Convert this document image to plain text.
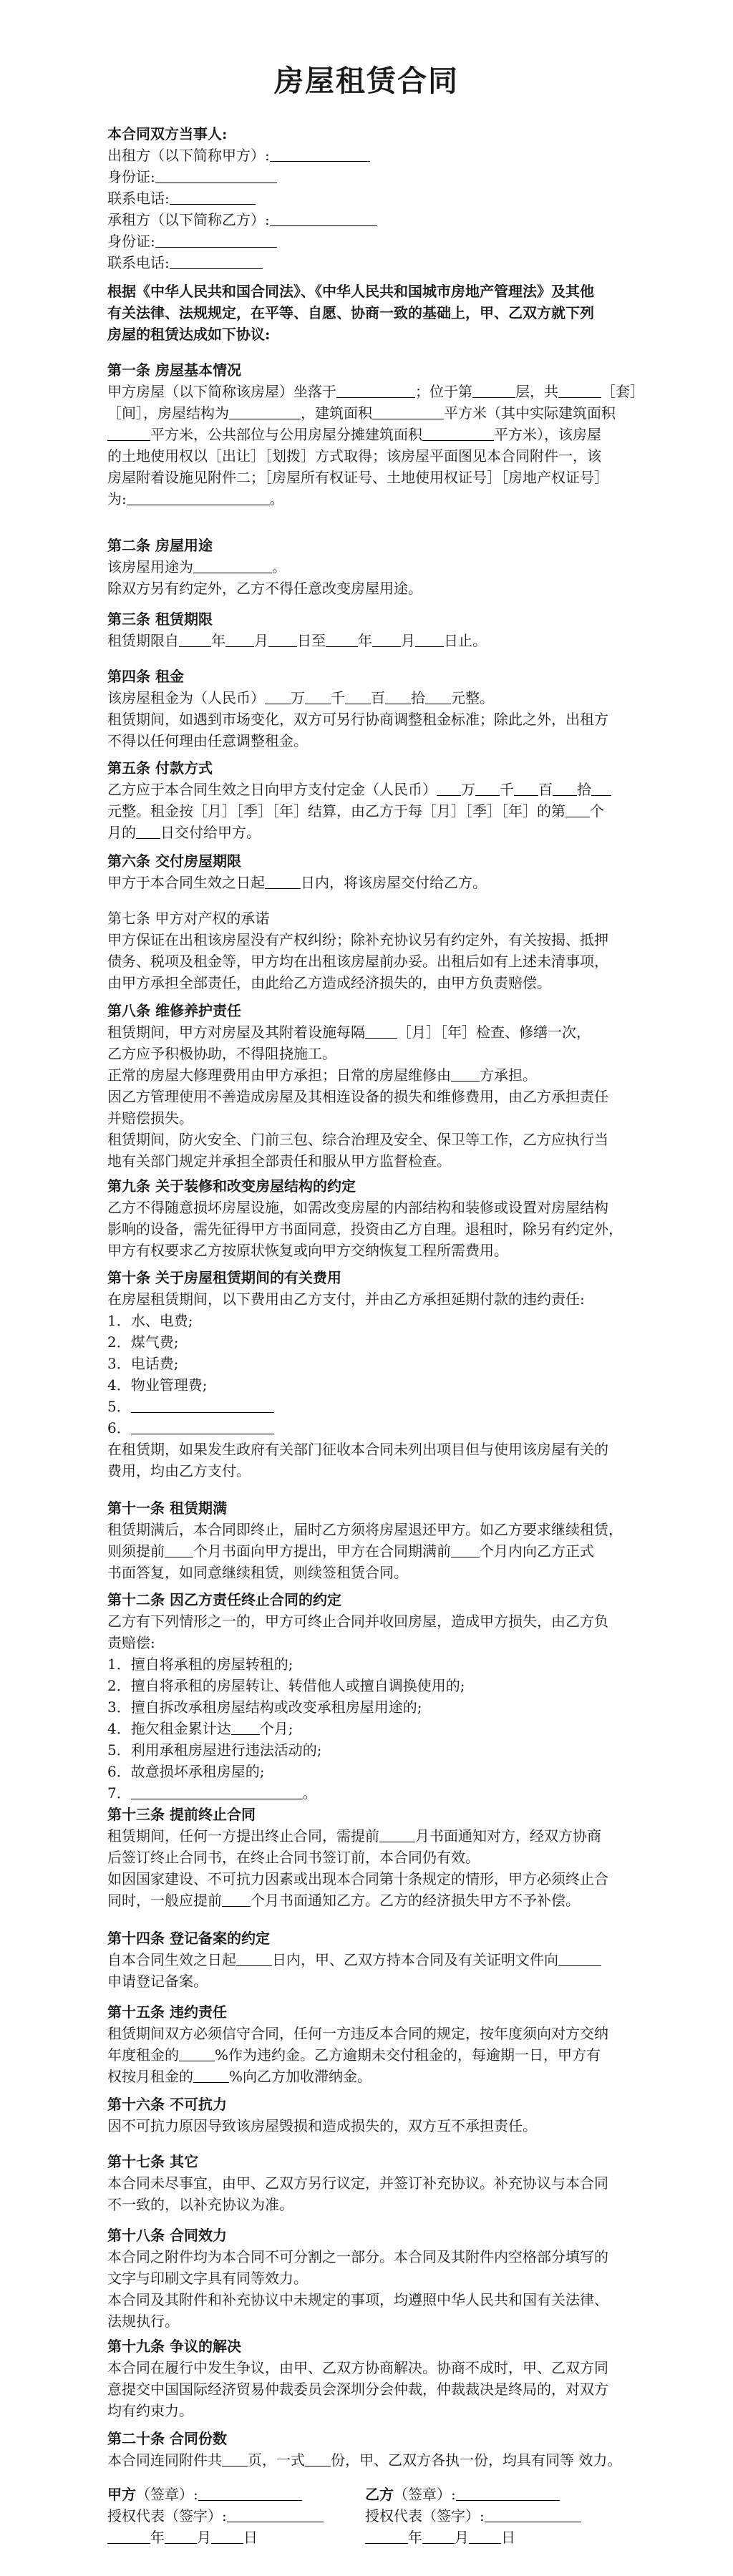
房屋租赁合同
本合同双方当事人:
出租方（以下简称甲方）:
身份证:
联系电话:
承租方（以下简称乙方）:
身份证:
联系电话:
根据《中华人民共和国合同法》、《中华人民共和国城市房地产管理法》及其他
有关法律、法规规定，在平等、自愿、协商一致的基础上，甲、乙双方就下列
房屋的租赁达成如下协议:
第一条 房屋基本情况
甲方房屋（以下简称该房屋）坐落于	；位于第	层，共	［套］
［间］，房屋结构为	，建筑面积	平方米（其中实际建筑面积
平方米，公共部位与公用房屋分摊建筑面积	平方米），该房屋
的土地使用权以［出让］［划拨］方式取得；该房屋平面图见本合同附件一，该
房屋附着设施见附件二；［房屋所有权证号、土地使用权证号］［房地产权证号］
为:	。
第二条 房屋用途
该房屋用途为	。
除双方另有约定外，乙方不得任意改变房屋用途。
第三条 租赁期限
租赁期限自 年 月 日至 年 月 日止。
第四条 租金
该房屋租金为（人民币） 万 千 百 拾 元整。
租赁期间，如遇到市场变化，双方可另行协商调整租金标准；除此之外，出租方
不得以任何理由任意调整租金。
第五条 付款方式
乙方应于本合同生效之日向甲方支付定金（人民币） 万 千 百 拾
元整。租金按［月］［季］［年］结算，由乙方于每［月］［季］［年］的第 个
月的 日交付给甲方。
第六条 交付房屋期限
甲方于本合同生效之日起	日内，将该房屋交付给乙方。
第七条 甲方对产权的承诺
甲方保证在出租该房屋没有产权纠纷；除补充协议另有约定外，有关按揭、抵押
债务、税项及租金等，甲方均在出租该房屋前办妥。出租后如有上述未清事项，
由甲方承担全部责任，由此给乙方造成经济损失的，由甲方负责赔偿。
第八条 维修养护责任
租赁期间，甲方对房屋及其附着设施每隔 ［月］［年］检查、修缮一次，
乙方应予积极协助，不得阻挠施工。
正常的房屋大修理费用由甲方承担；日常的房屋维修由 方承担。
因乙方管理使用不善造成房屋及其相连设备的损失和维修费用，由乙方承担责任
并赔偿损失。
租赁期间，防火安全、门前三包、综合治理及安全、保卫等工作，乙方应执行当
地有关部门规定并承担全部责任和服从甲方监督检查。
第九条 关于装修和改变房屋结构的约定
乙方不得随意损坏房屋设施，如需改变房屋的内部结构和装修或设置对房屋结构
影响的设备，需先征得甲方书面同意，投资由乙方自理。退租时，除另有约定外，
甲方有权要求乙方按原状恢复或向甲方交纳恢复工程所需费用。
第十条 关于房屋租赁期间的有关费用
在房屋租赁期间，以下费用由乙方支付，并由乙方承担延期付款的违约责任:
1．水、电费;
2．煤气费;
3．电话费;
4．物业管理费;
5．
6．
在租赁期，如果发生政府有关部门征收本合同未列出项目但与使用该房屋有关的
费用，均由乙方支付。
第十一条 租赁期满
租赁期满后，本合同即终止，届时乙方须将房屋退还甲方。如乙方要求继续租赁，
则须提前 个月书面向甲方提出，甲方在合同期满前 个月内向乙方正式
书面答复，如同意继续租赁，则续签租赁合同。
第十二条 因乙方责任终止合同的约定
乙方有下列情形之一的，甲方可终止合同并收回房屋，造成甲方损失，由乙方负
责赔偿:
1．擅自将承租的房屋转租的;
2．擅自将承租的房屋转让、转借他人或擅自调换使用的;
3．擅自拆改承租房屋结构或改变承租房屋用途的;
4．拖欠租金累计达 个月;
5．利用承租房屋进行违法活动的;
6．故意损坏承租房屋的;
7．	。
第十三条 提前终止合同
租赁期间，任何一方提出终止合同，需提前	月书面通知对方，经双方协商
后签订终止合同书，在终止合同书签订前，本合同仍有效。
如因国家建设、不可抗力因素或出现本合同第十条规定的情形，甲方必须终止合
同时，一般应提前 个月书面通知乙方。乙方的经济损失甲方不予补偿。
第十四条 登记备案的约定
自本合同生效之日起	日内，甲、乙双方持本合同及有关证明文件向
申请登记备案。
第十五条 违约责任
租赁期间双方必须信守合同，任何一方违反本合同的规定，按年度须向对方交纳
年度租金的	%作为违约金。乙方逾期未交付租金的，每逾期一日，甲方有
权按月租金的	%向乙方加收滞纳金。
第十六条 不可抗力
因不可抗力原因导致该房屋毁损和造成损失的，双方互不承担责任。
第十七条 其它
本合同未尽事宜，由甲、乙双方另行议定，并签订补充协议。补充协议与本合同
不一致的，以补充协议为准。
第十八条 合同效力
本合同之附件均为本合同不可分割之一部分。本合同及其附件内空格部分填写的
文字与印刷文字具有同等效力。
本合同及其附件和补充协议中未规定的事项，均遵照中华人民共和国有关法律、
法规执行。
第十九条 争议的解决
本合同在履行中发生争议，由甲、乙双方协商解决。协商不成时，甲、乙双方同
意提交中国国际经济贸易仲裁委员会深圳分会仲裁，仲裁裁决是终局的，对双方
均有约束力。
第二十条 合同份数
本合同连同附件共 页，一式 份，甲、乙双方各执一份，均具有同等 效力。
甲方（签章）:
授权代表（签字）:
年 月 日
乙方（签章）:
授权代表（签字）:
年 月 日
